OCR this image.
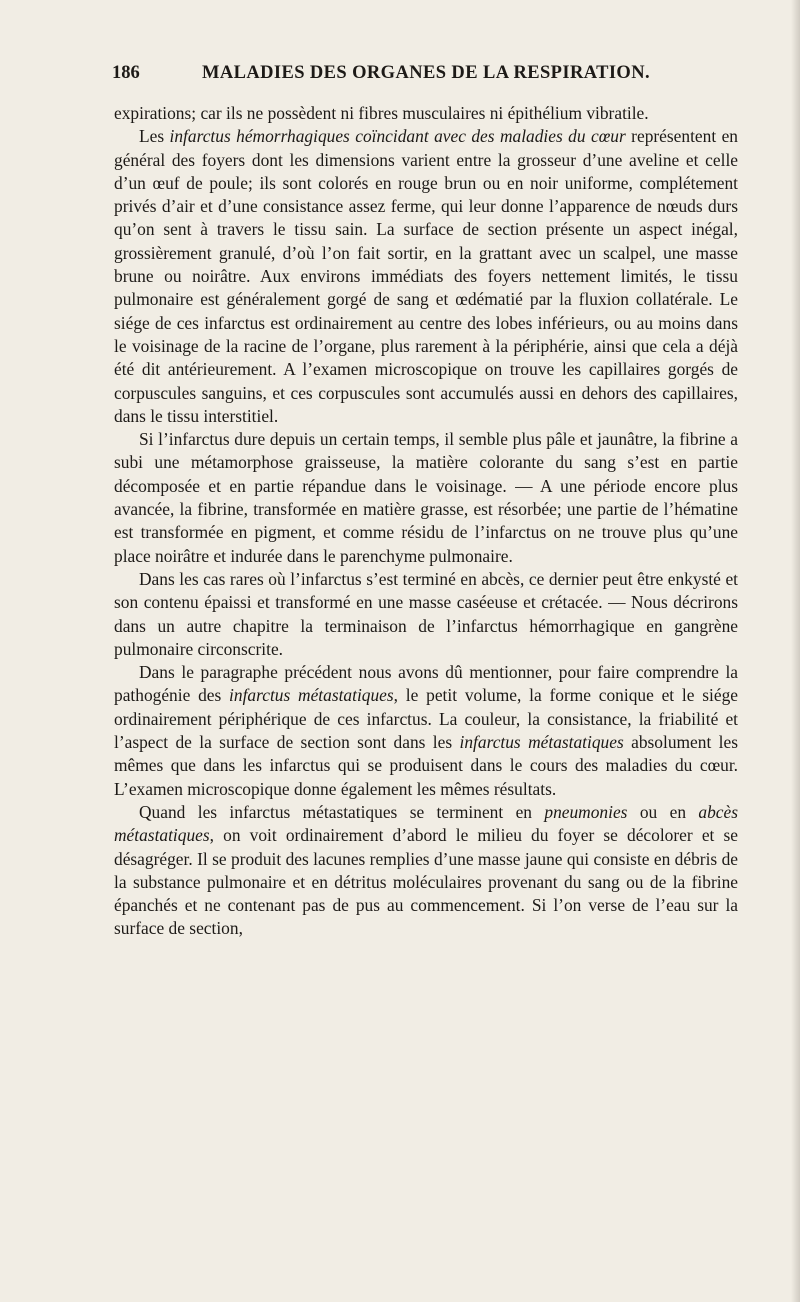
186	MALADIES DES ORGANES DE LA RESPIRATION.

expirations; car ils ne possèdent ni fibres musculaires ni épithélium vibratile.

Les infarctus hémorrhagiques coïncidant avec des maladies du cœur représentent en général des foyers dont les dimensions varient entre la grosseur d’une aveline et celle d’un œuf de poule; ils sont colorés en rouge brun ou en noir uniforme, complétement privés d’air et d’une consistance assez ferme, qui leur donne l’apparence de nœuds durs qu’on sent à travers le tissu sain. La surface de section présente un aspect inégal, grossièrement granulé, d’où l’on fait sortir, en la grattant avec un scalpel, une masse brune ou noirâtre. Aux environs immédiats des foyers nettement limités, le tissu pulmonaire est généralement gorgé de sang et œdématié par la fluxion collatérale. Le siége de ces infarctus est ordinairement au centre des lobes inférieurs, ou au moins dans le voisinage de la racine de l’organe, plus rarement à la périphérie, ainsi que cela a déjà été dit antérieurement. A l’examen microscopique on trouve les capillaires gorgés de corpuscules sanguins, et ces corpuscules sont accumulés aussi en dehors des capillaires, dans le tissu interstitiel.

Si l’infarctus dure depuis un certain temps, il semble plus pâle et jaunâtre, la fibrine a subi une métamorphose graisseuse, la matière colorante du sang s’est en partie décomposée et en partie répandue dans le voisinage. — A une période encore plus avancée, la fibrine, transformée en matière grasse, est résorbée; une partie de l’hématine est transformée en pigment, et comme résidu de l’infarctus on ne trouve plus qu’une place noirâtre et indurée dans le parenchyme pulmonaire.

Dans les cas rares où l’infarctus s’est terminé en abcès, ce dernier peut être enkysté et son contenu épaissi et transformé en une masse caséeuse et crétacée. — Nous décrirons dans un autre chapitre la terminaison de l’infarctus hémorrhagique en gangrène pulmonaire circonscrite.

Dans le paragraphe précédent nous avons dû mentionner, pour faire comprendre la pathogénie des infarctus métastatiques, le petit volume, la forme conique et le siége ordinairement périphérique de ces infarctus. La couleur, la consistance, la friabilité et l’aspect de la surface de section sont dans les infarctus métastatiques absolument les mêmes que dans les infarctus qui se produisent dans le cours des maladies du cœur. L’examen microscopique donne également les mêmes résultats.

Quand les infarctus métastatiques se terminent en pneumonies ou en abcès métastatiques, on voit ordinairement d’abord le milieu du foyer se décolorer et se désagréger. Il se produit des lacunes remplies d’une masse jaune qui consiste en débris de la substance pulmonaire et en détritus moléculaires provenant du sang ou de la fibrine épanchés et ne contenant pas de pus au commencement. Si l’on verse de l’eau sur la surface de section,
